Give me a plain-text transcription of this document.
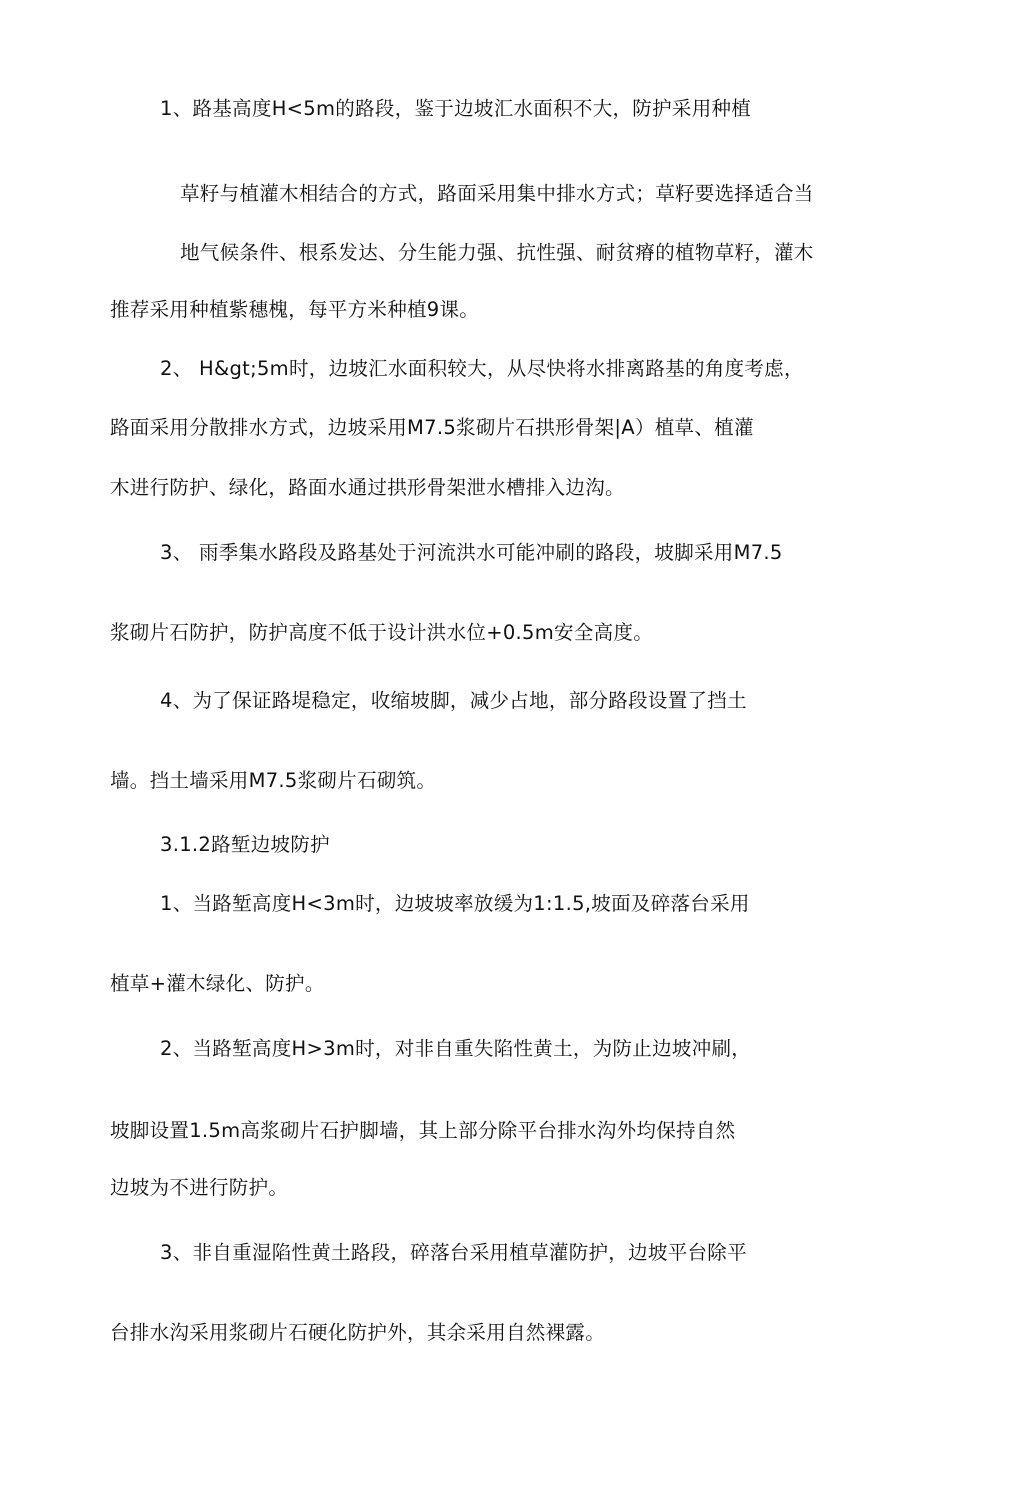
1、路基高度H<5m的路段，鉴于边坡汇水面积不大，防护采用种植
草籽与植灌木相结合的方式，路面采用集中排水方式；草籽要选择适合当
地气候条件、根系发达、分生能力强、抗性强、耐贫瘠的植物草籽，灌木
推荐采用种植紫穗槐，每平方米种植9课。
2、 H&gt;5m时，边坡汇水面积较大，从尽快将水排离路基的角度考虑，
路面采用分散排水方式，边坡采用M7.5浆砌片石拱形骨架|A）植草、植灌
木进行防护、绿化，路面水通过拱形骨架泄水槽排入边沟。
3、 雨季集水路段及路基处于河流洪水可能冲刷的路段，坡脚采用M7.5
浆砌片石防护，防护高度不低于设计洪水位+0.5m安全高度。
4、为了保证路堤稳定，收缩坡脚，减少占地，部分路段设置了挡土
墙。挡土墙采用M7.5浆砌片石砌筑。
3.1.2路堑边坡防护
1、当路堑高度H<3m时，边坡坡率放缓为1:1.5,坡面及碎落台采用
植草+灌木绿化、防护。
2、当路堑高度H>3m时，对非自重失陷性黄土，为防止边坡冲刷，
坡脚设置1.5m高浆砌片石护脚墙，其上部分除平台排水沟外均保持自然
边坡为不进行防护。
3、非自重湿陷性黄土路段，碎落台采用植草灌防护，边坡平台除平
台排水沟采用浆砌片石硬化防护外，其余采用自然裸露。
